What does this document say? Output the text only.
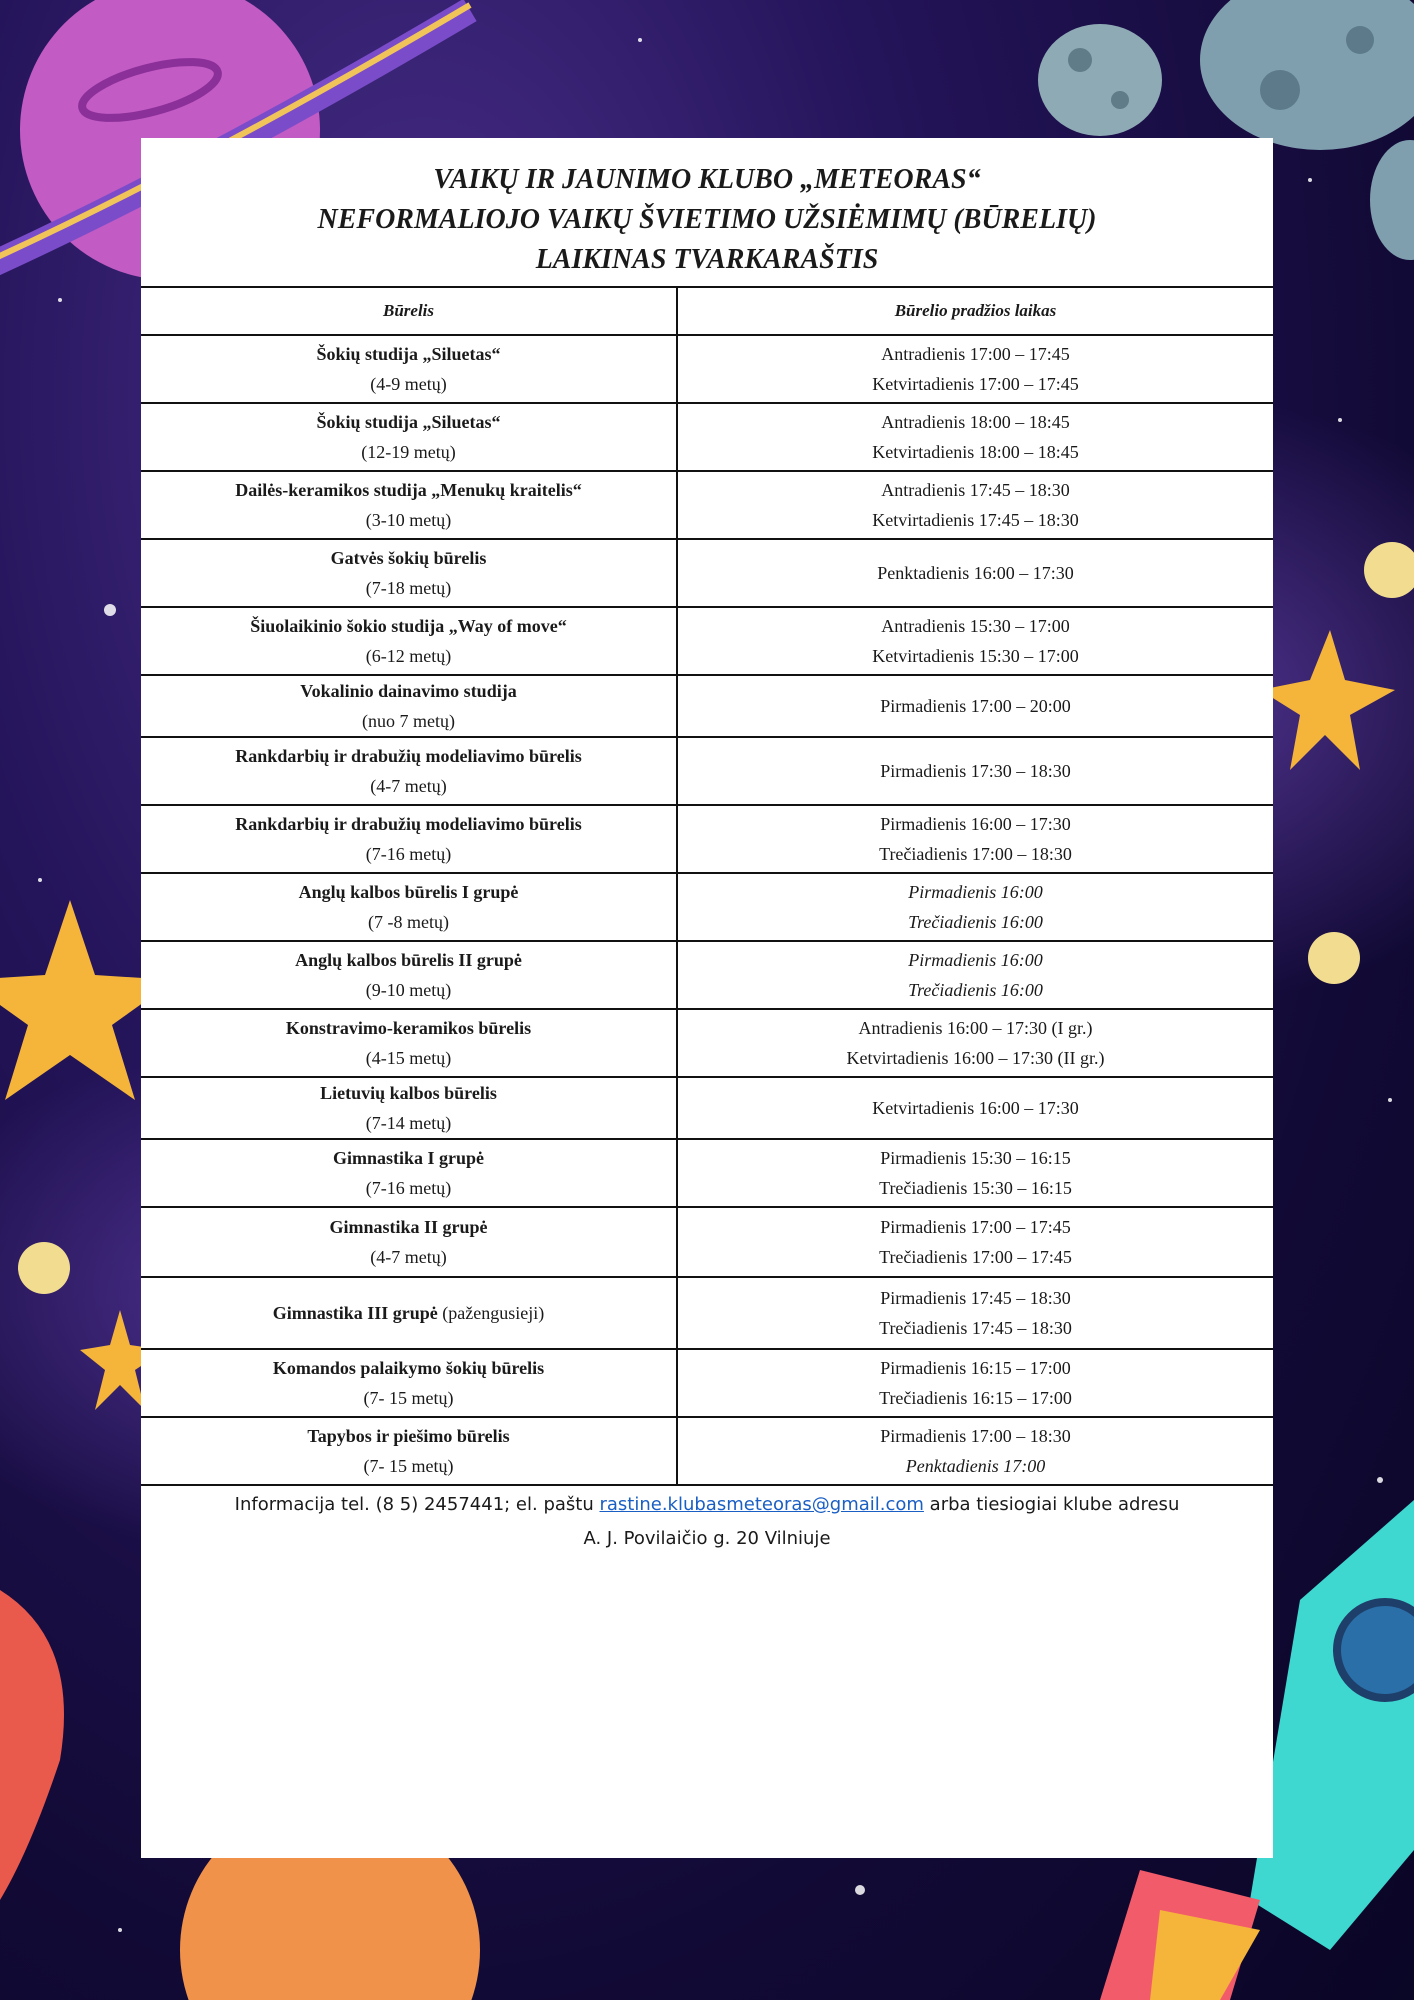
VAIKŲ IR JAUNIMO KLUBO „METEORAS“
NEFORMALIOJO VAIKŲ ŠVIETIMO UŽSIĖMIMŲ (BŪRELIŲ)
LAIKINAS TVARKARAŠTIS
Būrelis	Būrelio pradžios laikas
Šokių studija „Siluetas“
(4-9 metų)	Antradienis 17:00 – 17:45
Ketvirtadienis 17:00 – 17:45

Šokių studija „Siluetas“
(12-19 metų)	Antradienis 18:00 – 18:45
Ketvirtadienis 18:00 – 18:45

Dailės-keramikos studija „Menukų kraitelis“
(3-10 metų)	Antradienis 17:45 – 18:30
Ketvirtadienis 17:45 – 18:30

Gatvės šokių būrelis
(7-18 metų)	Penktadienis 16:00 – 17:30

Šiuolaikinio šokio studija „Way of move“
(6-12 metų)	Antradienis 15:30 – 17:00
Ketvirtadienis 15:30 – 17:00

Vokalinio dainavimo studija
(nuo 7 metų)	Pirmadienis 17:00 – 20:00

Rankdarbių ir drabužių modeliavimo būrelis
(4-7 metų)	Pirmadienis 17:30 – 18:30

Rankdarbių ir drabužių modeliavimo būrelis
(7-16 metų)	Pirmadienis 16:00 – 17:30
Trečiadienis 17:00 – 18:30

Anglų kalbos būrelis I grupė
(7 -8 metų)	Pirmadienis 16:00
Trečiadienis 16:00

Anglų kalbos būrelis II grupė
(9-10 metų)	Pirmadienis 16:00
Trečiadienis 16:00

Konstravimo-keramikos būrelis
(4-15 metų)	Antradienis 16:00 – 17:30 (I gr.)
Ketvirtadienis 16:00 – 17:30 (II gr.)

Lietuvių kalbos būrelis
(7-14 metų)	Ketvirtadienis 16:00 – 17:30

Gimnastika I grupė
(7-16 metų)	Pirmadienis 15:30 – 16:15
Trečiadienis 15:30 – 16:15

Gimnastika II grupė
(4-7 metų)	Pirmadienis 17:00 – 17:45
Trečiadienis 17:00 – 17:45

Gimnastika III grupė (pažengusieji)	Pirmadienis 17:45 – 18:30
Trečiadienis 17:45 – 18:30

Komandos palaikymo šokių būrelis
(7- 15 metų)	Pirmadienis 16:15 – 17:00
Trečiadienis 16:15 – 17:00

Tapybos ir piešimo būrelis
(7- 15 metų)	Pirmadienis 17:00 – 18:30
Penktadienis 17:00
Informacija tel. (8 5) 2457441; el. paštu rastine.klubasmeteoras@gmail.com arba tiesiogiai klube adresu
A. J. Povilaičio g. 20 Vilniuje
